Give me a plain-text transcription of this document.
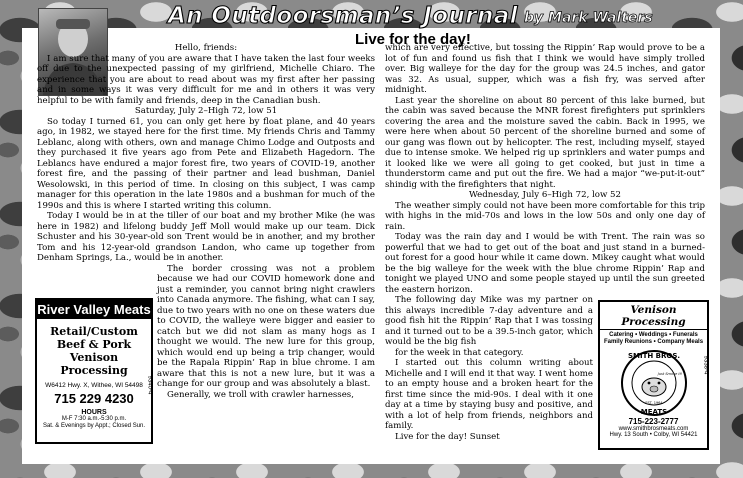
An Outdoorsman’s Journal by Mark Walters
Live for the day!

Hello, friends:

I am sure that many of you are aware that I have taken the last four weeks off due to the unexpected passing of my girlfriend, Michelle Chiaro. The experience that you are about to read about was my first after her passing and in some ways it was very difficult for me and in others it was very helpful to be with family and friends, deep in the Canadian bush.

Saturday, July 2–High 72, low 51

So today I turned 61, you can only get here by float plane, and 40 years ago, in 1982, we stayed here for the first time. My friends Chris and Tammy Leblanc, along with others, own and manage Chimo Lodge and Outposts and they purchased it five years ago from Pete and Elizabeth Hagedorn. The Leblancs have endured a major forest fire, two years of COVID-19, another forest fire, and the passing of their partner and lead bushman, Daniel Wesolowski, in this period of time. In closing on this subject, I was camp manager for this operation in the late 1980s and a bushman for much of the 1990s and this is where I started writing this column.

Today I would be in at the tiller of our boat and my brother Mike (he was here in 1982) and lifelong buddy Jeff Moll would make up our team. Dick Schuster and his 30-year-old son Trent would be in another, and my brother Tom and his 12-year-old grandson Landon, who came up together from Denham Springs, La., would be in another.

The border crossing was not a problem because we had our COVID homework done and just a reminder, you cannot bring night crawlers into Canada anymore. The fishing, what can I say, due to two years with no one on these waters due to COVID, the walleye were bigger and easier to catch but we did not slam as many hogs as I thought we would. The new lure for this group, which would end up being a trip changer, would be the Rapala Rippin’ Rap in blue chrome. I am aware that this is not a new lure, but it was a change for our group and was absolutely a blast.

Generally, we troll with crawler harnesses,

which are very effective, but tossing the Rippin’ Rap would prove to be a lot of fun and found us fish that I think we would have simply trolled over. Big walleye for the day for the group was 24.5 inches, and gator was 32. As usual, supper, which was a fish fry, was served after midnight.

Last year the shoreline on about 80 percent of this lake burned, but the cabin was saved because the MNR forest firefighters put sprinklers covering the area and the moisture saved the cabin. Back in 1995, we were here when about 50 percent of the shoreline burned and some of our gang was flown out by helicopter. The rest, including myself, stayed due to intense smoke. We helped rig up sprinklers and water pumps and it looked like we were all going to get cooked, but just in time a thunderstorm came and put out the fire. We had a major “we-put-it-out” shindig with the firefighters that night.

Wednesday, July 6–High 72, low 52

The weather simply could not have been more comfortable for this trip with highs in the mid-70s and lows in the low 50s and only one day of rain.

Today was the rain day and I would be with Trent. The rain was so powerful that we had to get out of the boat and just stand in a burned-out forest for a good hour while it came down. Mikey caught what would be the big walleye for the week with the blue chrome Rippin’ Rap and tonight we played UNO and some people stayed up until the sun greeted the eastern horizon.

The following day Mike was my partner on this always incredible 7-day adventure and a good fish hit the Rippin’ Rap that I was tossing and it turned out to be a 39.5-inch gator, which would be the big fish

for the week in that category.

I started out this column writing about Michelle and I will end it that way. I went home to an empty house and a broken heart for the first time since the mid-90s. I deal with it one day at a time by staying busy and positive, and with a lot of help from friends, neighbors and family.

Live for the day! Sunset

River Valley Meats
Retail/Custom
Beef & Pork
Venison
Processing
W6412 Hwy. X, Withee, WI 54498
715 229 4230
HOURS
M-F 7:30 a.m.-5:30 p.m.
Sat. & Evenings by Appt.; Closed Sun.
9340-4
Venison Processing
Catering • Weddings • Funerals
Family Reunions • Company Meals
SMITH BROS.
MEATS
EST. 1964
Just Smoke It!
715-223-2777
www.smithbrosmeats.com
Hwy. 13 South • Colby, WI 54421
9338-4
